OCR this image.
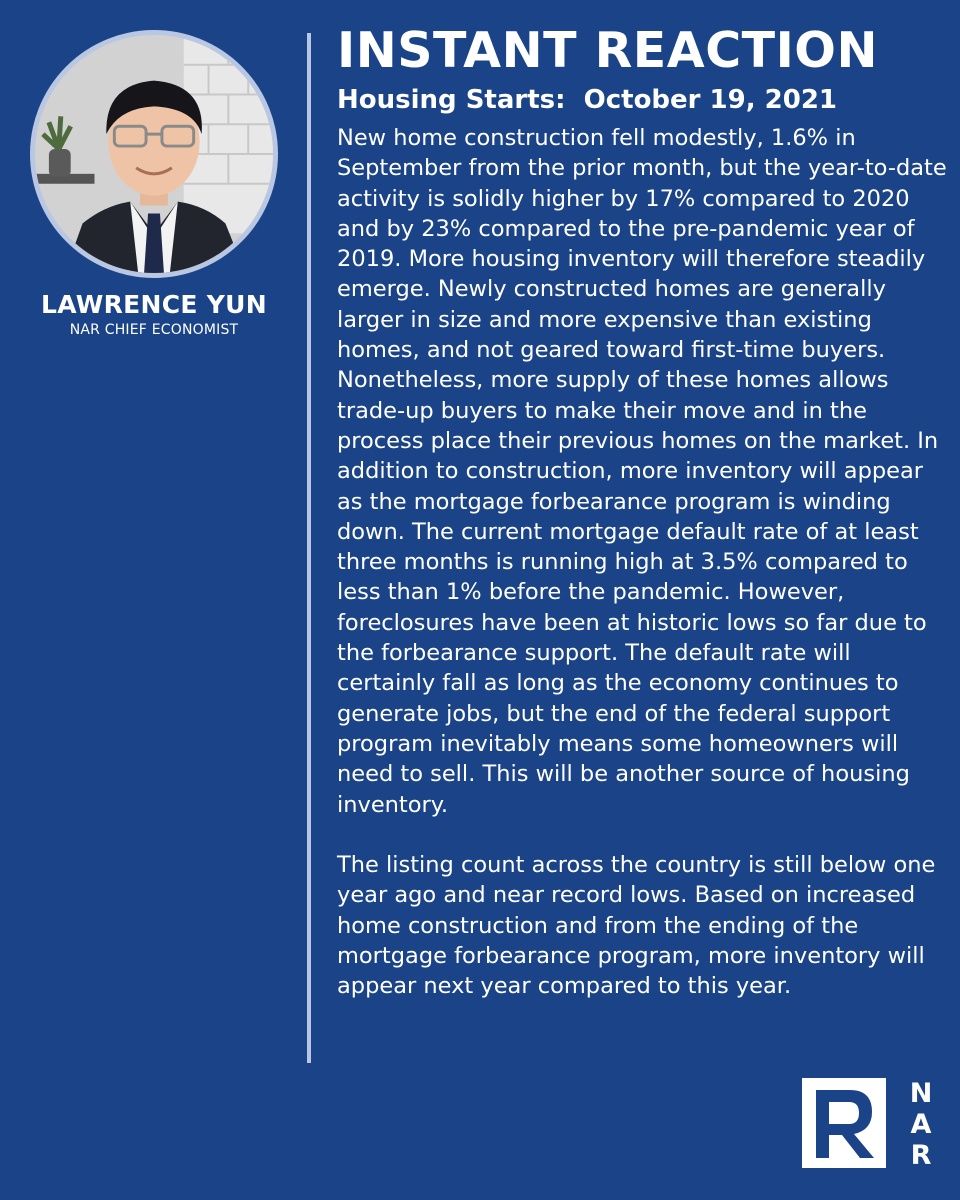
LAWRENCE YUN
NAR CHIEF ECONOMIST
INSTANT REACTION
Housing Starts:  October 19, 2021

New home construction fell modestly, 1.6% in September from the prior month, but the year-to-date activity is solidly higher by 17% compared to 2020 and by 23% compared to the pre-pandemic year of 2019. More housing inventory will therefore steadily emerge. Newly constructed homes are generally larger in size and more expensive than existing homes, and not geared toward first-time buyers. Nonetheless, more supply of these homes allows trade-up buyers to make their move and in the process place their previous homes on the market. In addition to construction, more inventory will appear as the mortgage forbearance program is winding down. The current mortgage default rate of at least three months is running high at 3.5% compared to less than 1% before the pandemic. However, foreclosures have been at historic lows so far due to the forbearance support. The default rate will certainly fall as long as the economy continues to generate jobs, but the end of the federal support program inevitably means some homeowners will need to sell. This will be another source of housing inventory.

The listing count across the country is still below one year ago and near record lows. Based on increased home construction and from the ending of the mortgage forbearance program, more inventory will appear next year compared to this year.

N
A
R
